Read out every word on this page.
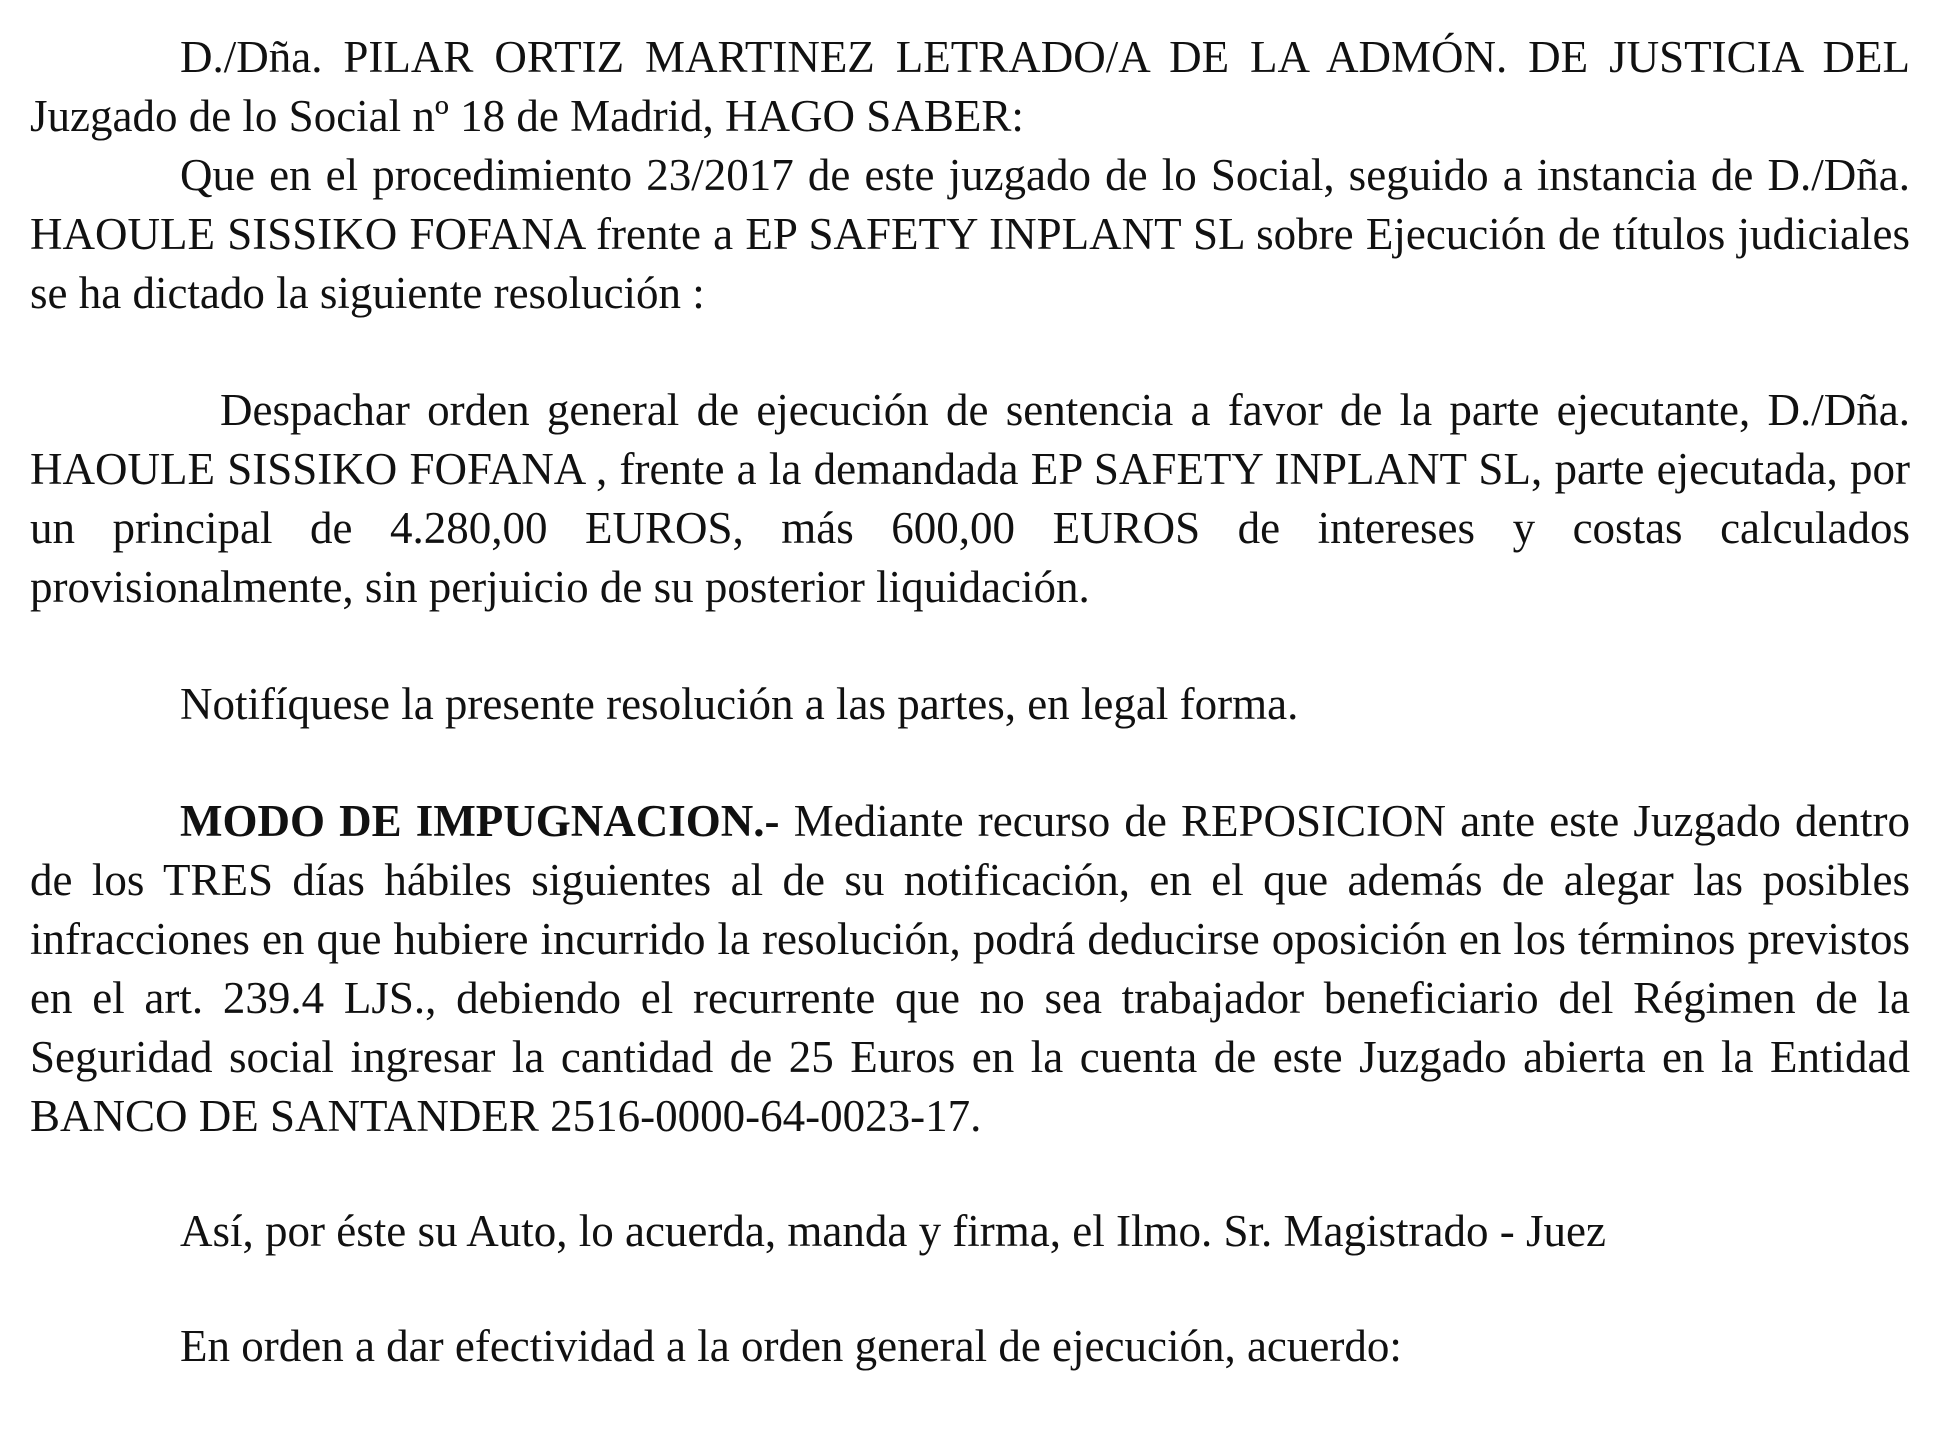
D./Dña. PILAR ORTIZ MARTINEZ LETRADO/A DE LA ADMÓN. DE JUSTICIA DEL Juzgado de lo Social nº 18 de Madrid, HAGO SABER:

Que en el procedimiento 23/2017 de este juzgado de lo Social, seguido a instancia de D./Dña. HAOULE SISSIKO FOFANA frente a EP SAFETY INPLANT SL sobre Ejecución de títulos judiciales se ha dictado la siguiente resolución :

Despachar orden general de ejecución de sentencia a favor de la parte ejecutante, D./Dña. HAOULE SISSIKO FOFANA , frente a la demandada EP SAFETY INPLANT SL, parte ejecutada, por un principal de 4.280,00 EUROS, más 600,00 EUROS de intereses y costas calculados provisionalmente, sin perjuicio de su posterior liquidación.

Notifíquese la presente resolución a las partes, en legal forma.

MODO DE IMPUGNACION.- Mediante recurso de REPOSICION ante este Juzgado dentro de los TRES días hábiles siguientes al de su notificación, en el que además de alegar las posibles infracciones en que hubiere incurrido la resolución, podrá deducirse oposición en los términos previstos en el art. 239.4 LJS., debiendo el recurrente que no sea trabajador beneficiario del Régimen de la Seguridad social ingresar la cantidad de 25 Euros en la cuenta de este Juzgado abierta en la Entidad BANCO DE SANTANDER 2516-0000-64-0023-17.

Así, por éste su Auto, lo acuerda, manda y firma, el Ilmo. Sr. Magistrado - Juez

En orden a dar efectividad a la orden general de ejecución, acuerdo:
